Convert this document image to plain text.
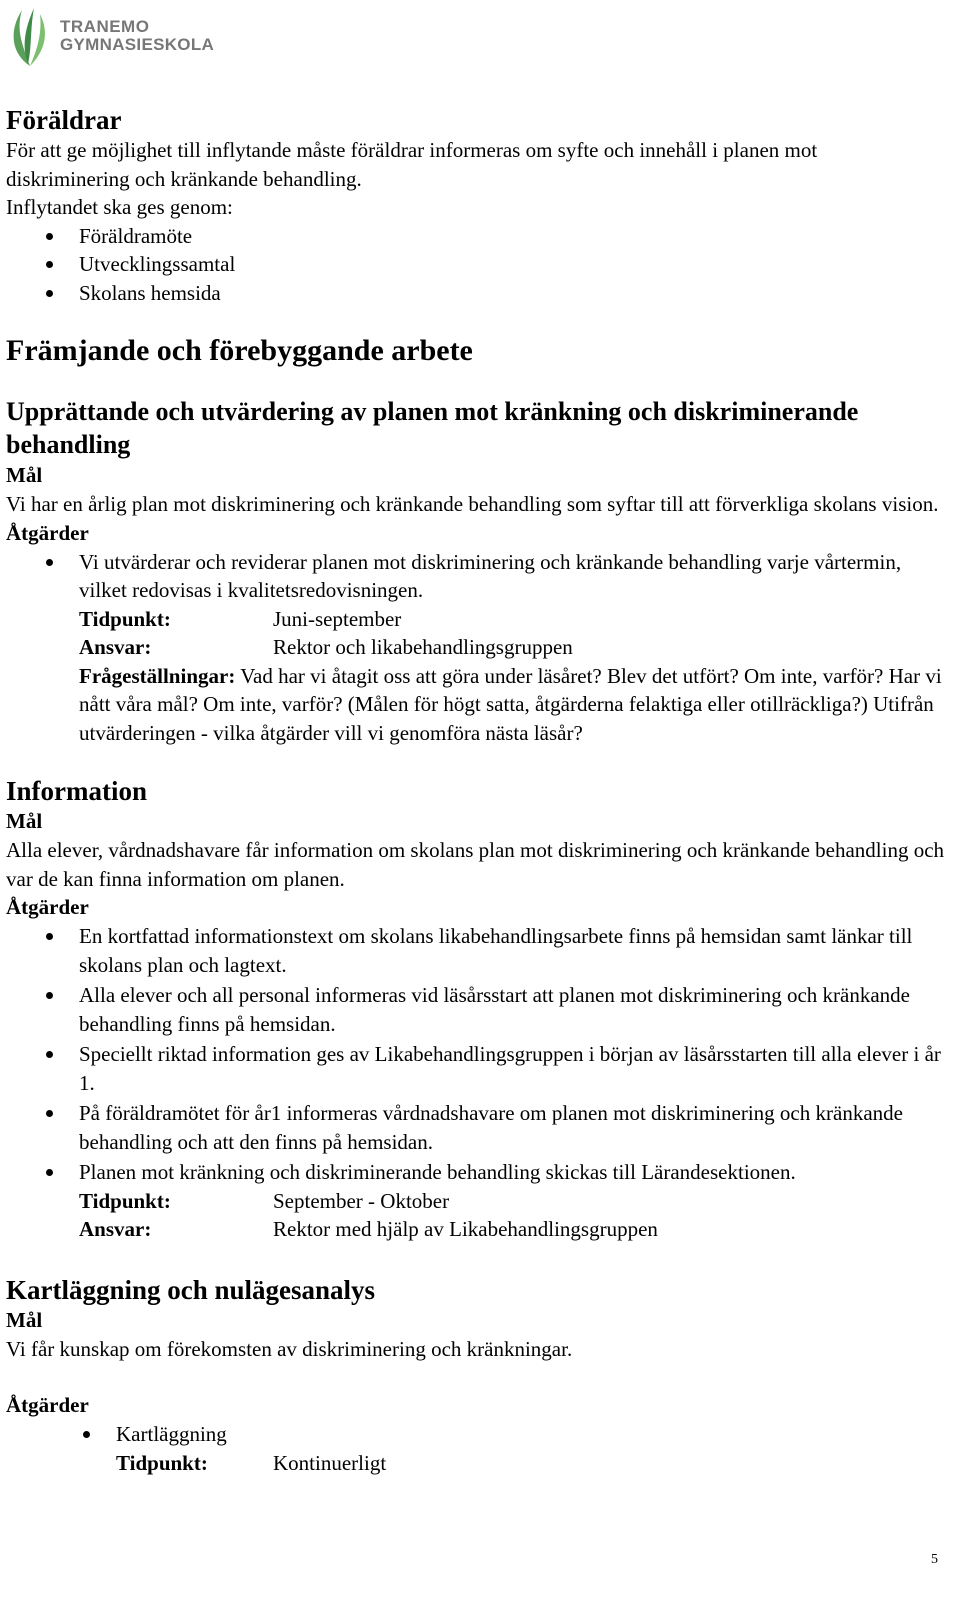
TRANEMO
GYMNASIESKOLA
Föräldrar

För att ge möjlighet till inflytande måste föräldrar informeras om syfte och innehåll i planen mot diskriminering och kränkande behandling.

Inflytandet ska ges genom:

Föräldramöte
Utvecklingssamtal
Skolans hemsida
Främjande och förebyggande arbete
Upprättande och utvärdering av planen mot kränkning och diskriminerande behandling
Mål

Vi har en årlig plan mot diskriminering och kränkande behandling som syftar till att förverkliga skolans vision.

Åtgärder
Vi utvärderar och reviderar planen mot diskriminering och kränkande behandling varje vårtermin, vilket redovisas i kvalitetsredovisningen.
Tidpunkt:	Juni-september
Ansvar:	Rektor och likabehandlingsgruppen
Frågeställningar: Vad har vi åtagit oss att göra under läsåret? Blev det utfört? Om inte, varför? Har vi nått våra mål? Om inte, varför? (Målen för högt satta, åtgärderna felaktiga eller otillräckliga?) Utifrån utvärderingen - vilka åtgärder vill vi genomföra nästa läsår?
Information
Mål

Alla elever, vårdnadshavare får information om skolans plan mot diskriminering och kränkande behandling och var de kan finna information om planen.

Åtgärder
En kortfattad informationstext om skolans likabehandlingsarbete finns på hemsidan samt länkar till skolans plan och lagtext.
Alla elever och all personal informeras vid läsårsstart att planen mot diskriminering och kränkande behandling finns på hemsidan.
Speciellt riktad information ges av Likabehandlingsgruppen i början av läsårsstarten till alla elever i år 1.
På föräldramötet för år1 informeras vårdnadshavare om planen mot diskriminering och kränkande behandling och att den finns på hemsidan.
Planen mot kränkning och diskriminerande behandling skickas till Lärandesektionen.
Tidpunkt:	September - Oktober
Ansvar:	Rektor med hjälp av Likabehandlingsgruppen
Kartläggning och nulägesanalys
Mål

Vi får kunskap om förekomsten av diskriminering och kränkningar.

Åtgärder
Kartläggning
Tidpunkt:	Kontinuerligt
5
